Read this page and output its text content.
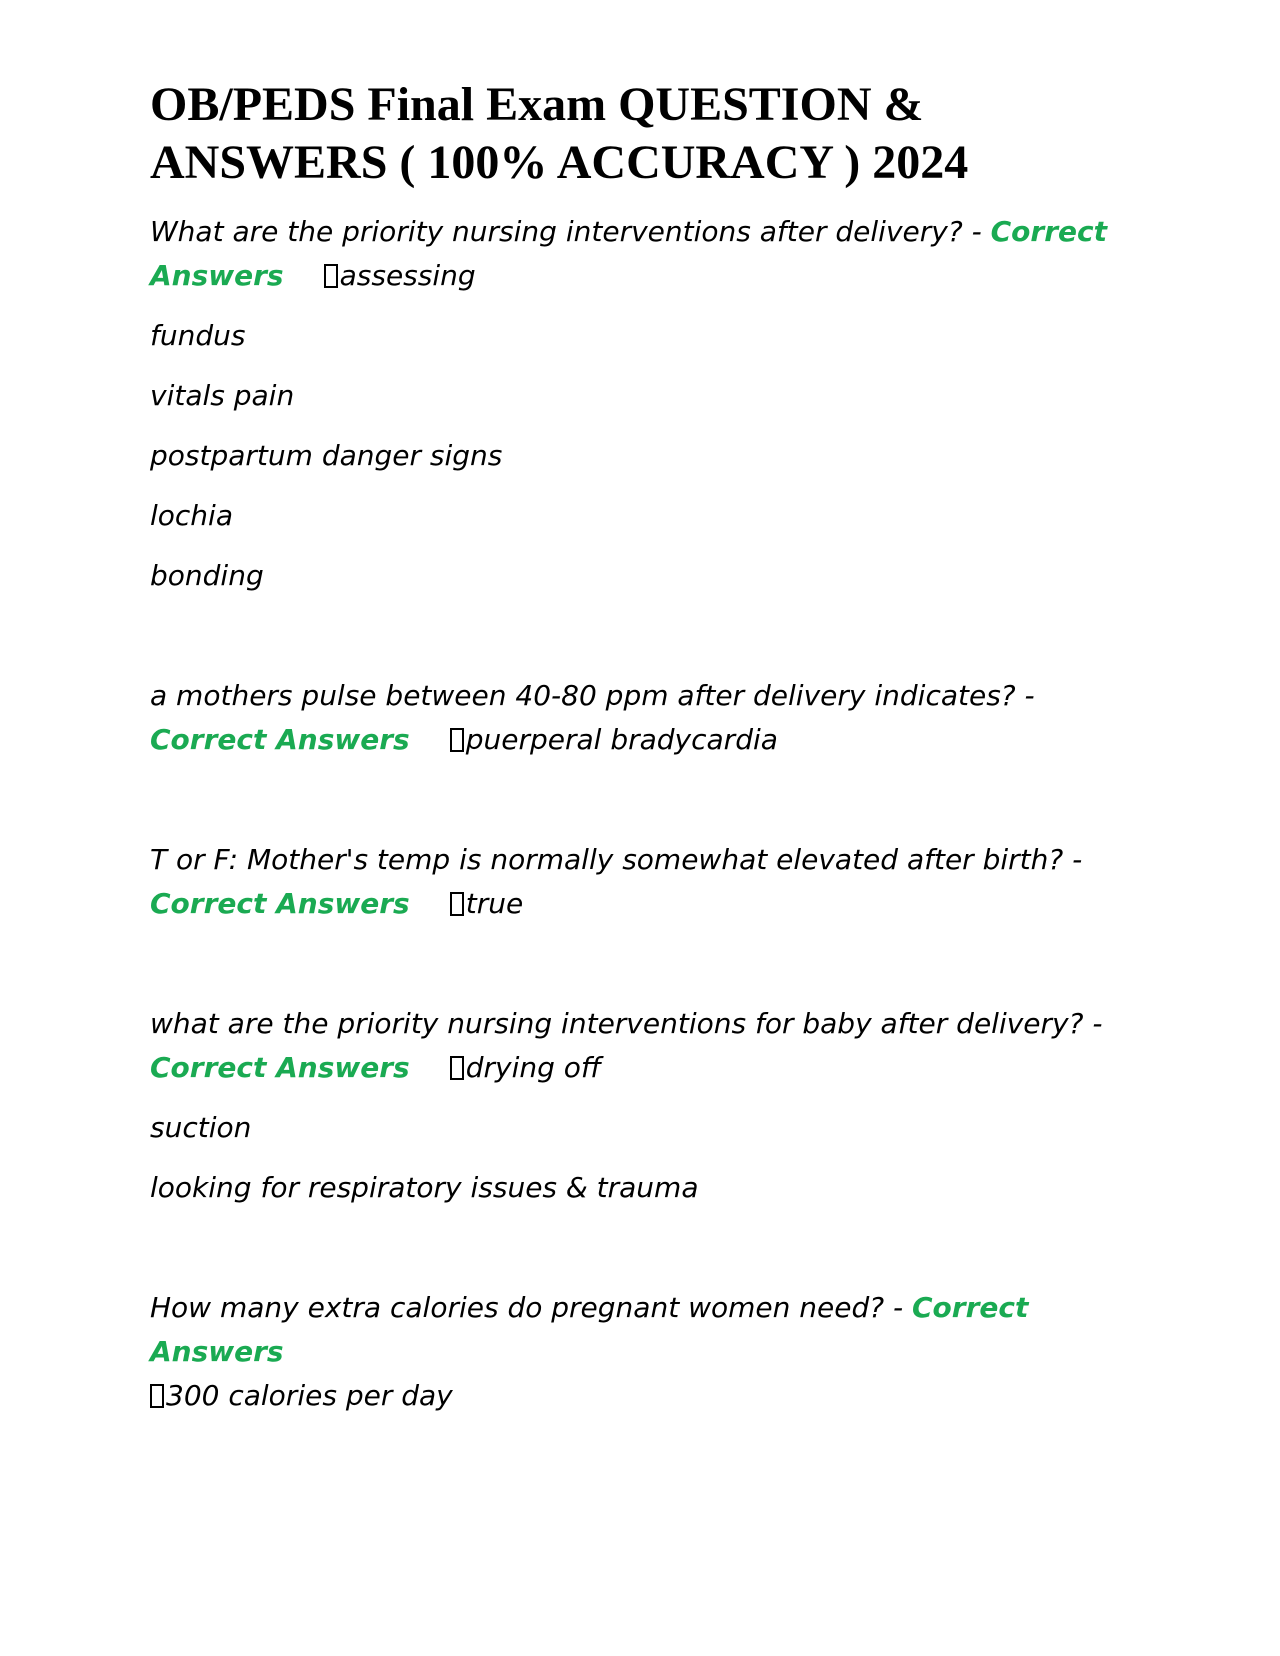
OB/PEDS Final Exam QUESTION & ANSWERS ( 100% ACCURACY ) 2024

What are the priority nursing interventions after delivery? - Correct Answers assessing

fundus

vitals pain

postpartum danger signs

lochia

bonding

a mothers pulse between 40-80 ppm after delivery indicates? - Correct Answers puerperal bradycardia

T or F: Mother's temp is normally somewhat elevated after birth? -
Correct Answers true

what are the priority nursing interventions for baby after delivery? -
Correct Answers drying off

suction

looking for respiratory issues & trauma

How many extra calories do pregnant women need? - Correct Answers
300 calories per day
